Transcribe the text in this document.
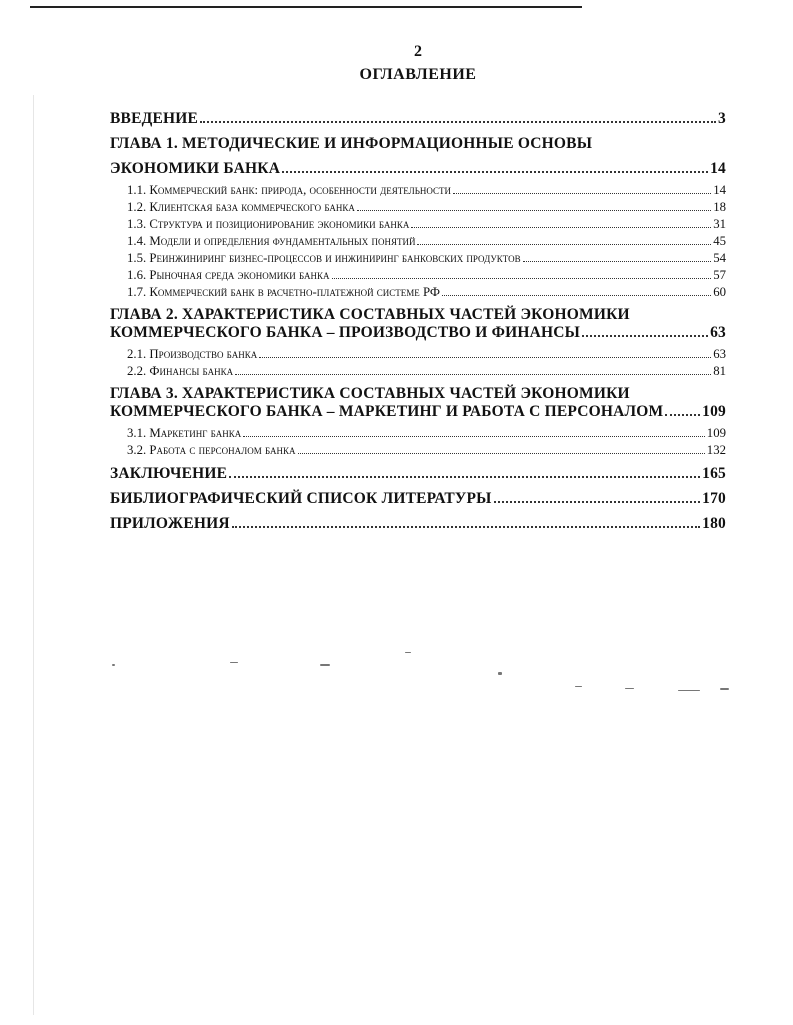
2
ОГЛАВЛЕНИЕ
ВВЕДЕНИЕ	3
ГЛАВА 1. МЕТОДИЧЕСКИЕ И ИНФОРМАЦИОННЫЕ ОСНОВЫ
ЭКОНОМИКИ БАНКА	14
1.1. Коммерческий банк: природа, особенности деятельности	14
1.2. Клиентская база коммерческого банка	18
1.3. Структура и позиционирование экономики банка	31
1.4. Модели и определения фундаментальных понятий	45
1.5. Реинжиниринг бизнес-процессов и инжиниринг банковских продуктов	54
1.6. Рыночная среда экономики банка	57
1.7. Коммерческий банк в расчетно-платежной системе РФ	60
ГЛАВА 2. ХАРАКТЕРИСТИКА СОСТАВНЫХ ЧАСТЕЙ ЭКОНОМИКИ
КОММЕРЧЕСКОГО БАНКА – ПРОИЗВОДСТВО И ФИНАНСЫ	63
2.1. Производство банка	63
2.2. Финансы банка	81
ГЛАВА 3. ХАРАКТЕРИСТИКА СОСТАВНЫХ ЧАСТЕЙ ЭКОНОМИКИ
КОММЕРЧЕСКОГО БАНКА – МАРКЕТИНГ И РАБОТА С ПЕРСОНАЛОМ	109
3.1. Маркетинг банка	109
3.2. Работа с персоналом банка	132
ЗАКЛЮЧЕНИЕ	165
БИБЛИОГРАФИЧЕСКИЙ СПИСОК ЛИТЕРАТУРЫ	170
ПРИЛОЖЕНИЯ	180
